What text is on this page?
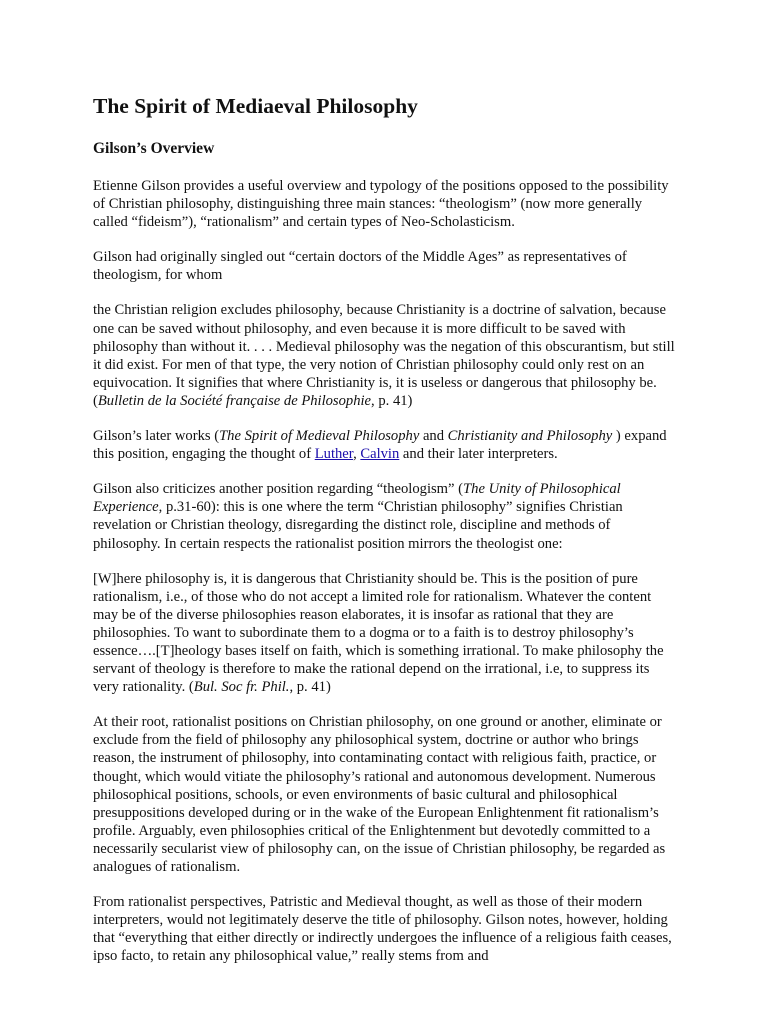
The Spirit of Mediaeval Philosophy
Gilson’s Overview

Etienne Gilson provides a useful overview and typology of the positions opposed to the possibility of Christian philosophy, distinguishing three main stances: “theologism” (now more generally called “fideism”), “rationalism” and certain types of Neo-Scholasticism.

Gilson had originally singled out “certain doctors of the Middle Ages” as representatives of theologism, for whom

the Christian religion excludes philosophy, because Christianity is a doctrine of salvation, because one can be saved without philosophy, and even because it is more difficult to be saved with philosophy than without it. . . . Medieval philosophy was the negation of this obscurantism, but still it did exist. For men of that type, the very notion of Christian philosophy could only rest on an equivocation. It signifies that where Christianity is, it is useless or dangerous that philosophy be. (Bulletin de la Société française de Philosophie, p. 41)

Gilson’s later works (The Spirit of Medieval Philosophy and Christianity and Philosophy ) expand this position, engaging the thought of Luther, Calvin and their later interpreters.

Gilson also criticizes another position regarding “theologism” (The Unity of Philosophical Experience, p.31-60): this is one where the term “Christian philosophy” signifies Christian revelation or Christian theology, disregarding the distinct role, discipline and methods of philosophy. In certain respects the rationalist position mirrors the theologist one:

[W]here philosophy is, it is dangerous that Christianity should be. This is the position of pure rationalism, i.e., of those who do not accept a limited role for rationalism. Whatever the content may be of the diverse philosophies reason elaborates, it is insofar as rational that they are philosophies. To want to subordinate them to a dogma or to a faith is to destroy philosophy’s essence….[T]heology bases itself on faith, which is something irrational. To make philosophy the servant of theology is therefore to make the rational depend on the irrational, i.e, to suppress its very rationality. (Bul. Soc fr. Phil., p. 41)

At their root, rationalist positions on Christian philosophy, on one ground or another, eliminate or exclude from the field of philosophy any philosophical system, doctrine or author who brings reason, the instrument of philosophy, into contaminating contact with religious faith, practice, or thought, which would vitiate the philosophy’s rational and autonomous development. Numerous philosophical positions, schools, or even environments of basic cultural and philosophical presuppositions developed during or in the wake of the European Enlightenment fit rationalism’s profile. Arguably, even philosophies critical of the Enlightenment but devotedly committed to a necessarily secularist view of philosophy can, on the issue of Christian philosophy, be regarded as analogues of rationalism.

From rationalist perspectives, Patristic and Medieval thought, as well as those of their modern interpreters, would not legitimately deserve the title of philosophy. Gilson notes, however, holding that “everything that either directly or indirectly undergoes the influence of a religious faith ceases, ipso facto, to retain any philosophical value,” really stems from and
